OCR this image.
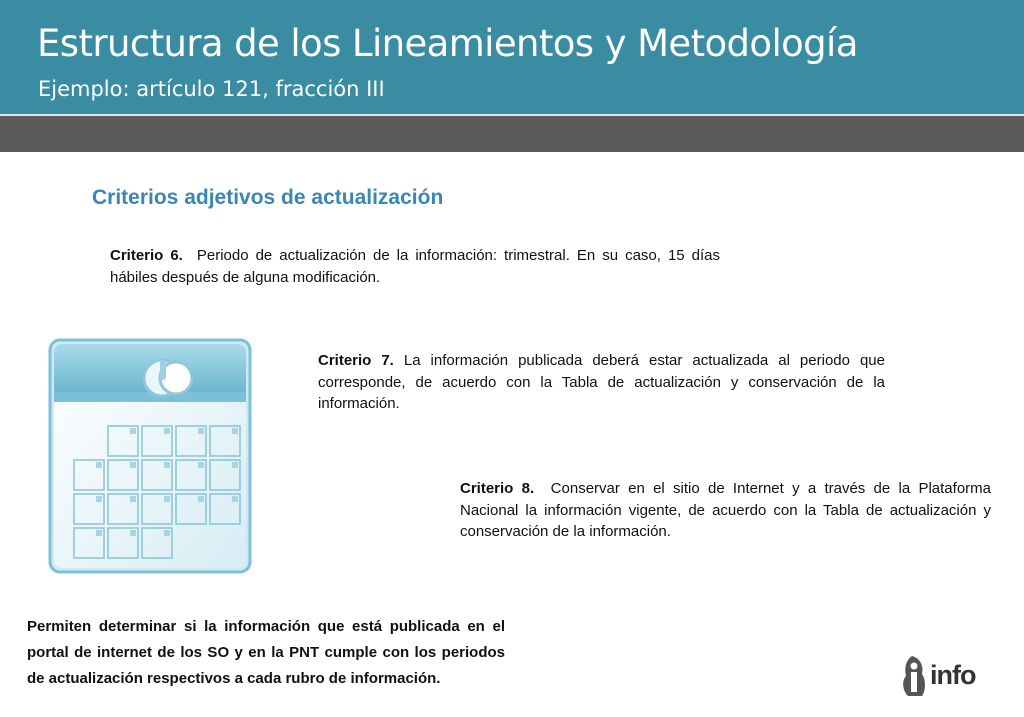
Estructura de los Lineamientos y Metodología
Ejemplo: artículo 121, fracción III
Criterios adjetivos de actualización
Criterio 6. Periodo de actualización de la información: trimestral. En su caso, 15 días hábiles después de alguna modificación.
Criterio 7. La información publicada deberá estar actualizada al periodo que corresponde, de acuerdo con la Tabla de actualización y conservación de la información.
Criterio 8. Conservar en el sitio de Internet y a través de la Plataforma Nacional la información vigente, de acuerdo con la Tabla de actualización y conservación de la información.
Permiten determinar si la información que está publicada en el portal de internet de los SO y en la PNT cumple con los periodos de actualización respectivos a cada rubro de información.	info
